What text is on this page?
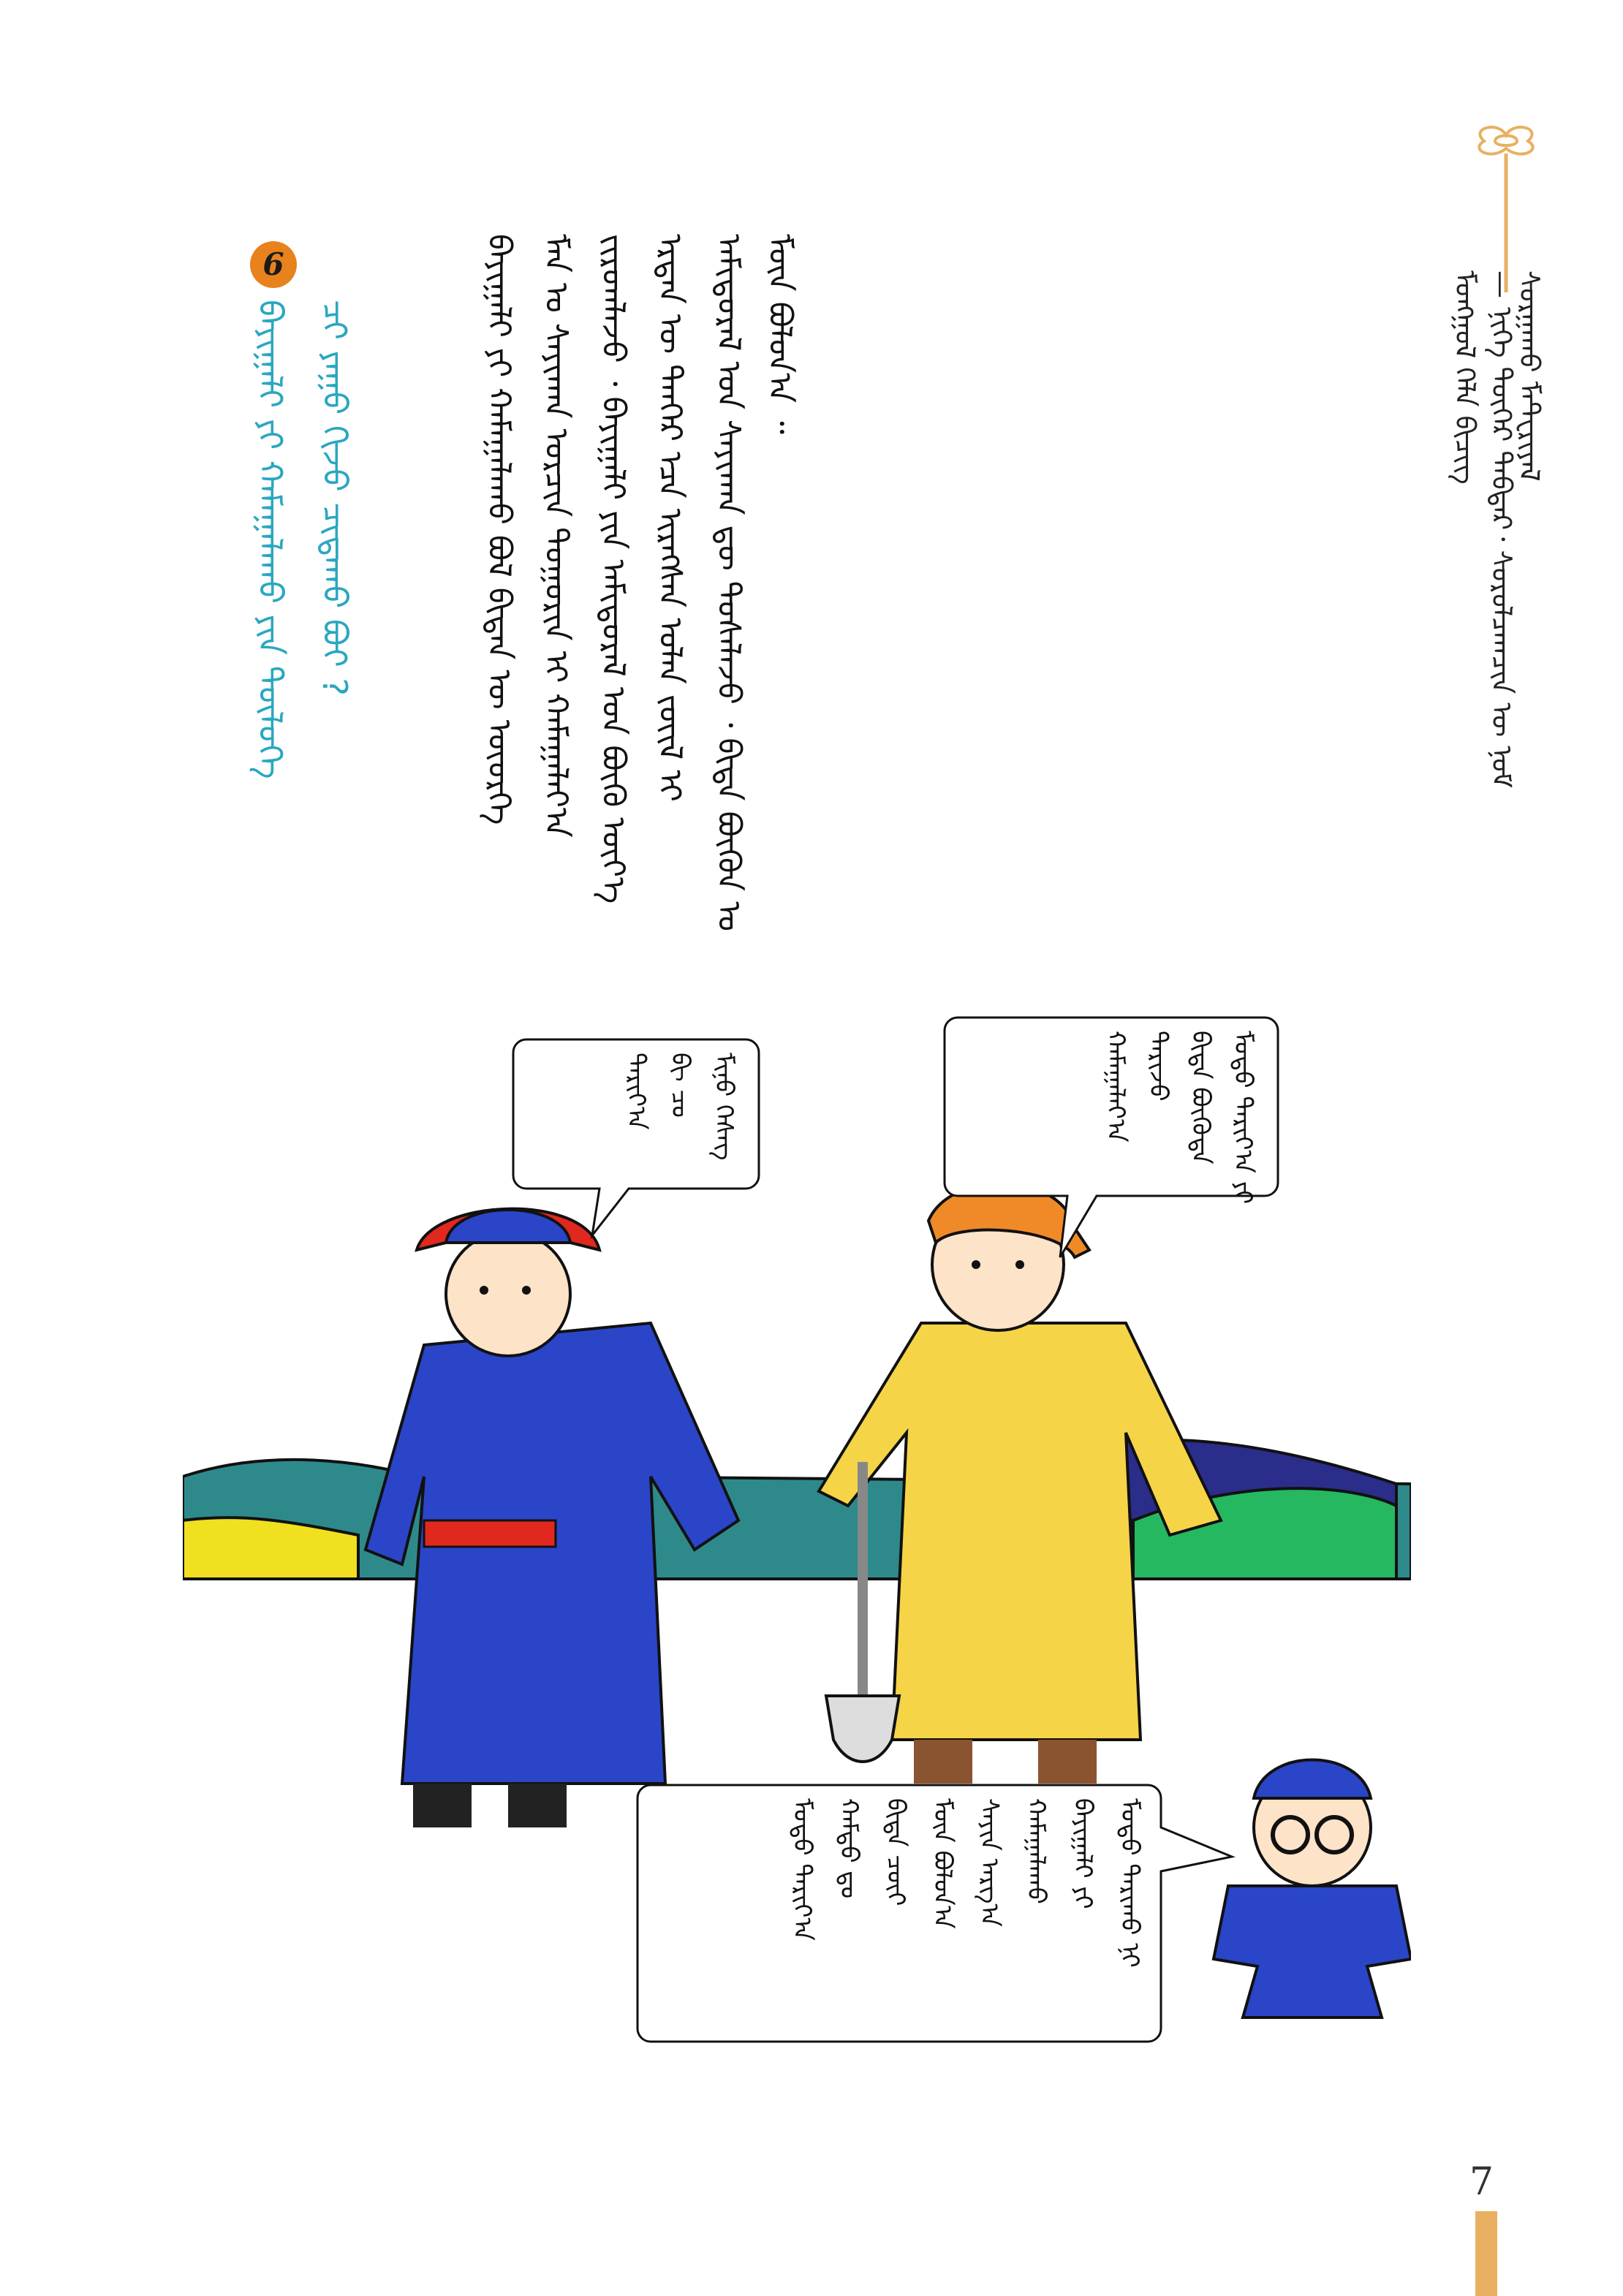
ᠮᠣᠩᠭᠣᠯ ᠬᠡᠯᠡ ᠪᠢᠴᠢᠭ — ᠨᠢᠭᠡ ᠳᠦᠭᠡᠷ ᠳᠡᠪᠲᠡᠷ᠂ ᠰᠤᠷᠤᠯᠴᠠᠭᠴᠢᠨ ᠦ ᠨᠣᠮ ᠰᠤᠷᠭᠠᠬᠤ ᠮᠠᠲ᠋ᠧᠷᠢᠶᠠᠯ
ᠠᠮᠢᠳᠤᠷᠠᠯ ᠤᠨ ᠰᠠᠶᠢᠬᠠᠨ ᠳᠦ ᠲᠤᠰᠠᠯᠠᠵᠤ ᠂ ᠪᠢᠳᠡ ᠪᠦᠬᠦᠨ ᠤ
ᠡᠷᠲᠡᠨ ᠦ ᠲᠡᠨᠭᠡᠷ ᠡᠴᠡ ᠢᠷᠡᠭᠰᠡᠨ ᠣᠯᠠᠨ ᠵᠦᠢᠯ ᠢ
ᠵᠢᠷᠤᠭᠯᠠᠵᠤ ᠂ ᠪᠠᠶᠢᠭᠠᠯᠢ ᠶᠢᠨ ᠠᠮᠢᠳᠤᠷᠠᠯ ᠤᠨ ᠪᠦᠬᠦ ᠦᠶ᠎ᠡ
ᠮᠠᠨ ᠤ ᠰᠠᠶᠢᠬᠠᠨ ᠣᠷᠴᠢᠨ ᠲᠣᠭᠣᠷᠢᠨ ᠢ ᠬᠠᠮᠠᠭᠠᠯᠠᠶ᠎ᠠ
ᠪᠠᠶᠢᠭᠠᠯᠢ ᠶᠢ ᠬᠠᠮᠠᠭᠠᠯᠠᠬᠤ ᠪᠣᠯ ᠪᠢᠳᠡᠨ ᠦ ᠦᠦᠷᠭᠡ	ᠮᠥᠨ ᠪᠣᠯᠤᠨ᠎ᠠ ᠃
6
ᠪᠠᠶᠢᠭᠠᠯᠢ ᠶᠢ ᠬᠠᠮᠠᠭᠠᠯᠠᠬᠤ ᠶᠢᠨ ᠲᠥᠯᠦᠭᠡ ᠴᠢ ᠶᠠᠭᠤ ᠬᠢᠵᠦ ᠴᠢᠳᠠᠬᠤ ᠪᠤᠢ ?
ᠮᠢᠨᠤ ᠬᠡᠰᠡᠭ
ᠪᠢ ᠴᠤ
ᠲᠠᠷᠢᠶ᠎ᠠ	ᠮᠣᠳᠤ ᠲᠠᠷᠢᠶ᠎ᠠ ᠶᠢ
ᠪᠢᠳᠡ ᠪᠦᠭᠦᠳᠡ
ᠲᠠᠷᠢᠵᠤ
ᠬᠠᠮᠠᠭᠠᠯᠠᠶ᠎ᠠ
ᠮᠣᠳᠤ ᠲᠠᠷᠢᠬᠤ ᠨᠢ
ᠪᠠᠶᠢᠭᠠᠯᠢ ᠶᠢ
ᠬᠠᠮᠠᠭᠠᠯᠠᠬᠤ
ᠰᠠᠶᠢᠨ ᠠᠷᠭ᠎ᠠ
ᠮᠥᠨ ᠪᠣᠯᠤᠨ᠎ᠠ
ᠪᠢᠳᠡ ᠴᠦᠢ
ᠬᠠᠮᠲᠤ ᠳᠤ
ᠮᠣᠳᠤ ᠲᠠᠷᠢᠶ᠎ᠠ
7
